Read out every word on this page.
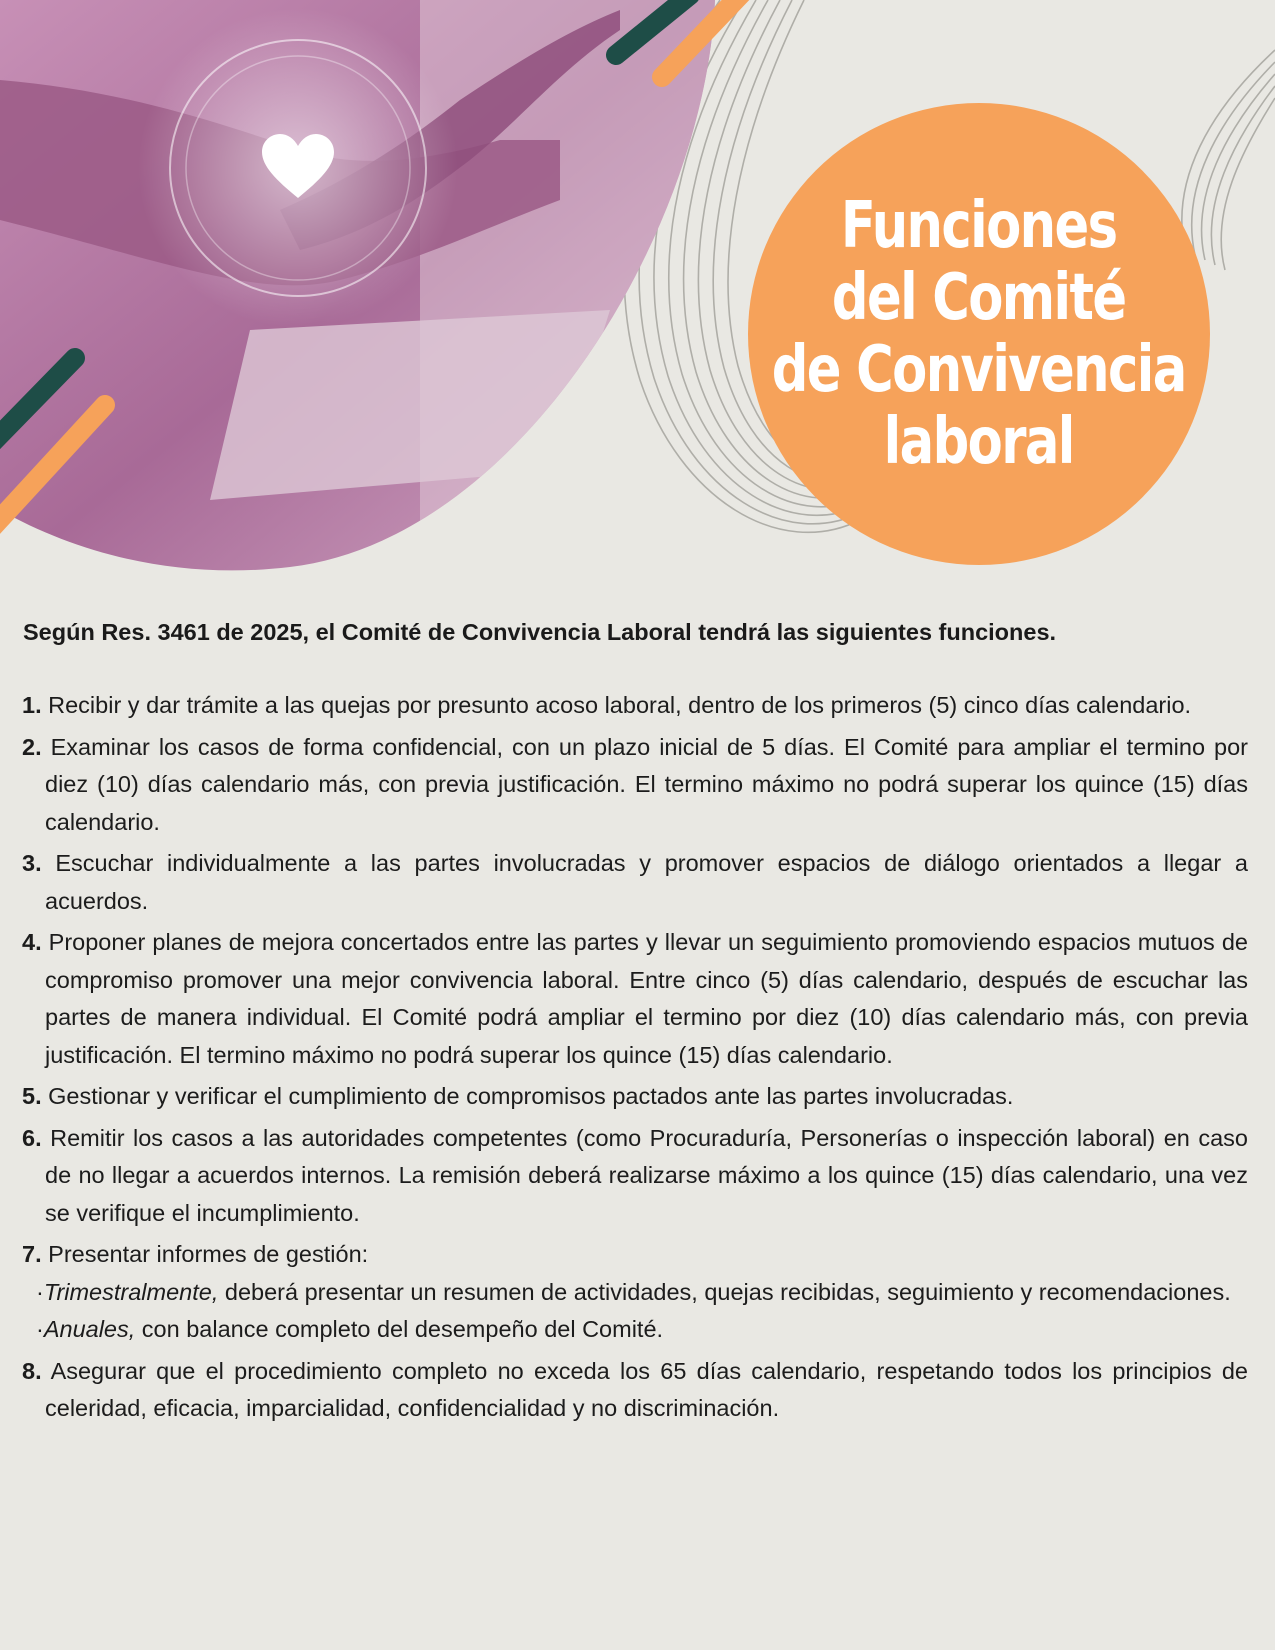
Funciones
del Comité
de Convivencia
laboral
Según Res. 3461 de 2025, el Comité de Convivencia Laboral tendrá las siguientes funciones.
1. Recibir y dar trámite a las quejas por presunto acoso laboral, dentro de los primeros (5) cinco días calendario.
2. Examinar los casos de forma confidencial, con un plazo inicial de 5 días. El Comité para ampliar el termino por diez (10) días calendario más, con previa justificación. El termino máximo no podrá superar los quince (15) días calendario.
3. Escuchar individualmente a las partes involucradas y promover espacios de diálogo orientados a llegar a acuerdos.
4. Proponer planes de mejora concertados entre las partes y llevar un seguimiento promoviendo espacios mutuos de compromiso promover una mejor convivencia laboral. Entre cinco (5) días calendario, después de escuchar las partes de manera individual. El Comité podrá ampliar el termino por diez (10) días calendario más, con previa justificación. El termino máximo no podrá superar los quince (15) días calendario.
5. Gestionar y verificar el cumplimiento de compromisos pactados ante las partes involucradas.
6. Remitir los casos a las autoridades competentes (como Procuraduría, Personerías o inspección laboral) en caso de no llegar a acuerdos internos. La remisión deberá realizarse máximo a los quince (15) días calendario, una vez se verifique el incumplimiento.
7. Presentar informes de gestión:
·Trimestralmente, deberá presentar un resumen de actividades, quejas recibidas, seguimiento y recomendaciones.
·Anuales, con balance completo del desempeño del Comité.
8. Asegurar que el procedimiento completo no exceda los 65 días calendario, respetando todos los principios de celeridad, eficacia, imparcialidad, confidencialidad y no discriminación.
